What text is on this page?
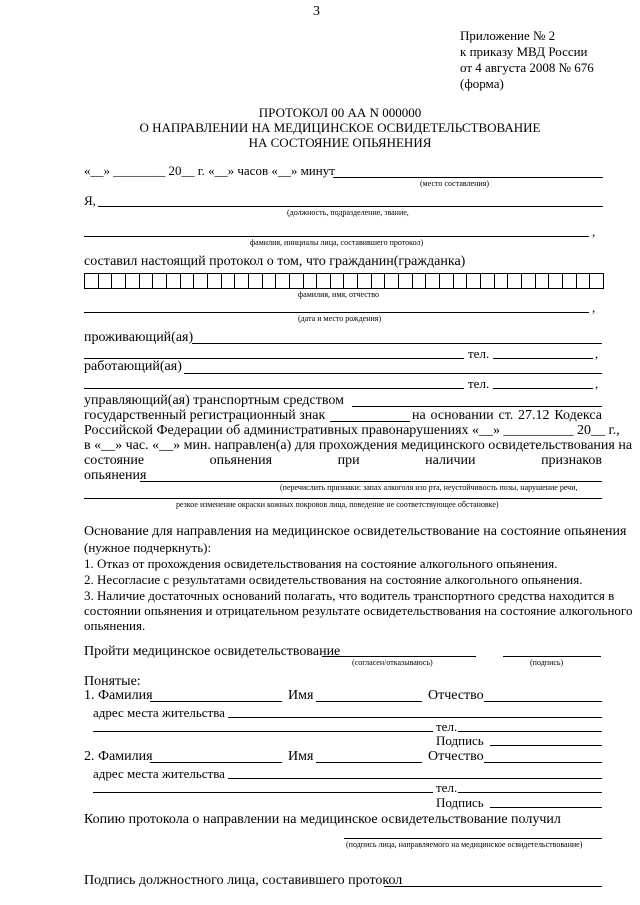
3
Приложение № 2
к приказу МВД России
от 4 августа 2008 № 676
(форма)
ПРОТОКОЛ 00 АА N 000000
О НАПРАВЛЕНИИ НА МЕДИЦИНСКОЕ ОСВИДЕТЕЛЬСТВОВАНИЕ
НА СОСТОЯНИЕ ОПЬЯНЕНИЯ
«__» ________ 20__ г. «__» часов «__» минут
(место составления)
Я,
(должность, подразделение, звание,
,
фамилия, инициалы лица, составившего протокол)
составил настоящий протокол о том, что гражданин(гражданка)
фамилия, имя, отчество
,
(дата и место рождения)
проживающий(ая)
тел.	,
работающий(ая)
тел.	,
управляющий(ая) транспортным средством
государственный регистрационный знак	на основании ст. 27.12 Кодекса
Российской Федерации об административных правонарушениях «__» __________ 20__ г.,
в «__» час. «__» мин. направлен(а) для прохождения медицинского освидетельствования на
состояние опьянения при наличии признаков
опьянения
(перечислить признаки: запах алкоголя изо рта, неустойчивость позы, нарушение речи,
резкое изменение окраски кожных покровов лица, поведение не соответствующее обстановке)
Основание для направления на медицинское освидетельствование на состояние опьянения
(нужное подчеркнуть):
1. Отказ от прохождения освидетельствования на состояние алкогольного опьянения.
2. Несогласие с результатами освидетельствования на состояние алкогольного опьянения.
3. Наличие достаточных оснований полагать, что водитель транспортного средства находится в
состоянии опьянения и отрицательном результате освидетельствования на состояние алкогольного
опьянения.
Пройти медицинское освидетельствование
(согласен/отказываюсь)	(подпись)
Понятые:
1. Фамилия	Имя	Отчество
адрес места жительства
тел.
Подпись
2. Фамилия	Имя	Отчество
адрес места жительства
тел.
Подпись
Копию протокола о направлении на медицинское освидетельствование получил
(подпись лица, направляемого на медицинское освидетельствование)
Подпись должностного лица, составившего протокол
